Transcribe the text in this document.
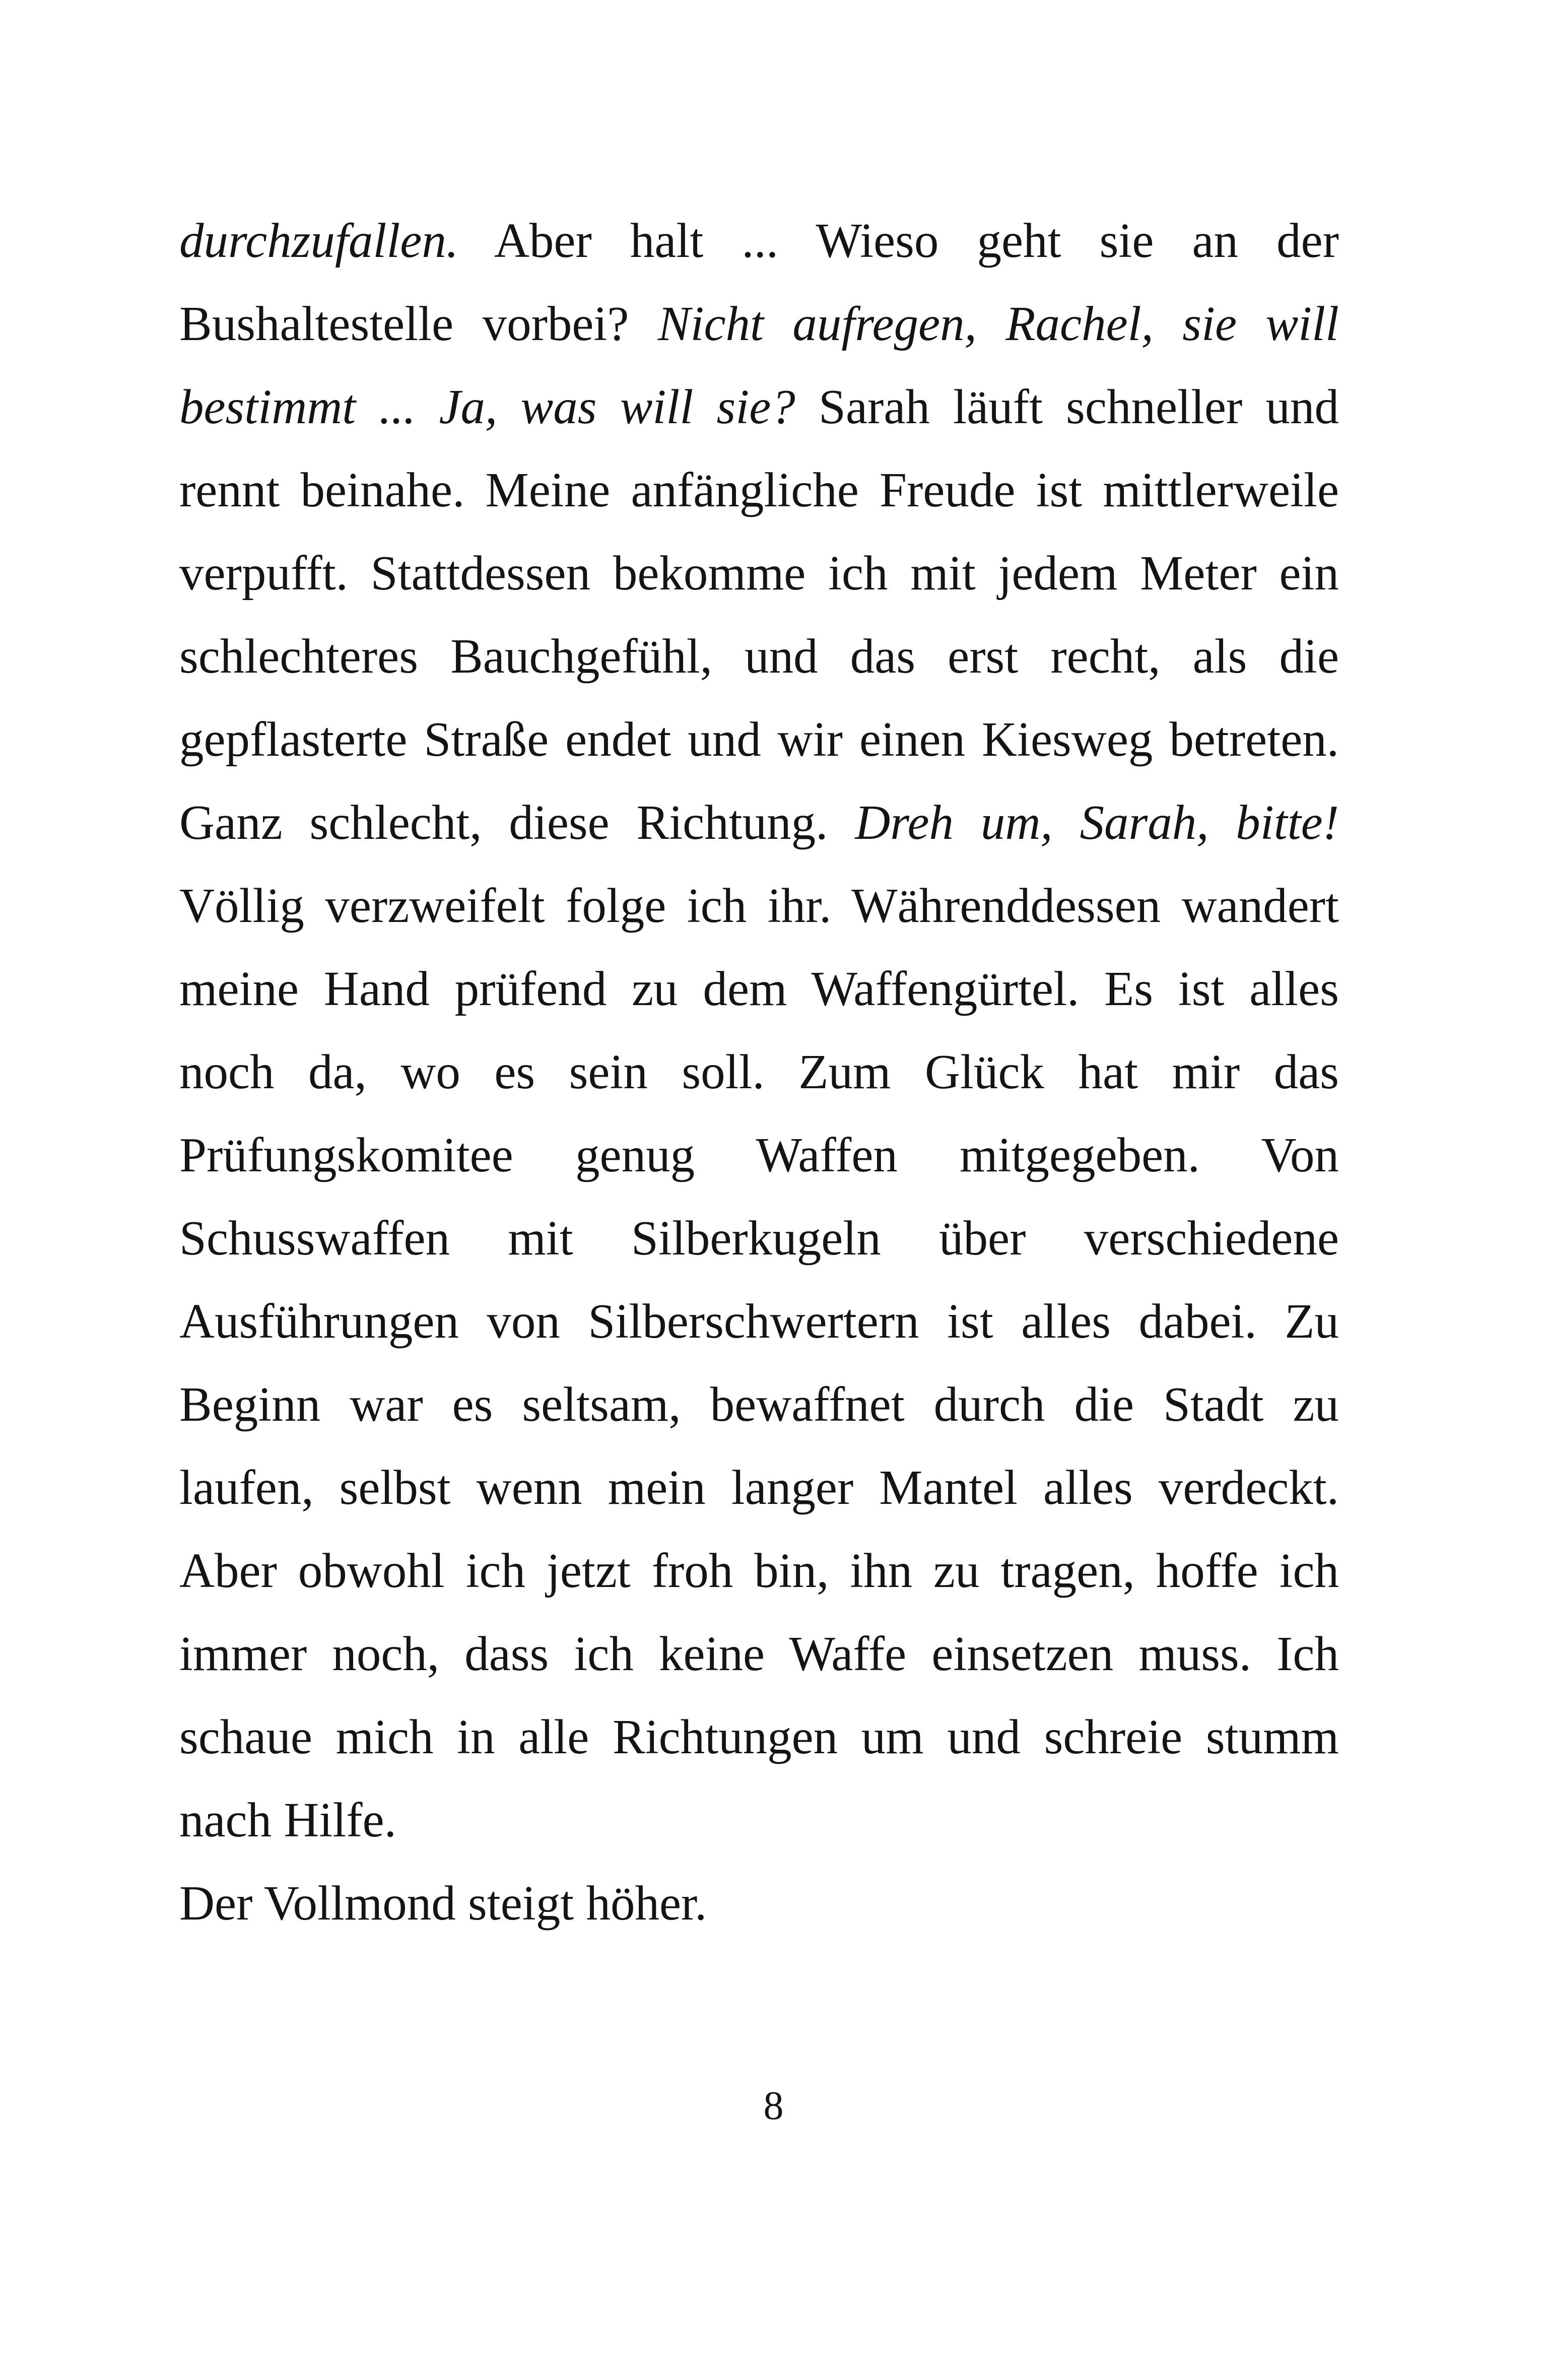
durchzufallen. Aber halt ... Wieso geht sie an der Bushaltestelle vorbei? Nicht aufregen, Rachel, sie will bestimmt ... Ja, was will sie? Sarah läuft schneller und rennt beinahe. Meine anfängliche Freude ist mittlerweile verpufft. Stattdessen bekomme ich mit jedem Meter ein schlechteres Bauchgefühl, und das erst recht, als die gepflasterte Straße endet und wir einen Kiesweg betreten. Ganz schlecht, diese Richtung. Dreh um, Sarah, bitte! Völlig verzweifelt folge ich ihr. Währenddessen wandert meine Hand prüfend zu dem Waffengürtel. Es ist alles noch da, wo es sein soll. Zum Glück hat mir das Prüfungskomitee genug Waffen mitgegeben. Von Schusswaffen mit Silberkugeln über verschiedene Ausführungen von Silberschwertern ist alles dabei. Zu Beginn war es seltsam, bewaffnet durch die Stadt zu laufen, selbst wenn mein langer Mantel alles verdeckt. Aber obwohl ich jetzt froh bin, ihn zu tragen, hoffe ich immer noch, dass ich keine Waffe einsetzen muss. Ich schaue mich in alle Richtungen um und schreie stumm nach Hilfe.

Der Vollmond steigt höher.

8
